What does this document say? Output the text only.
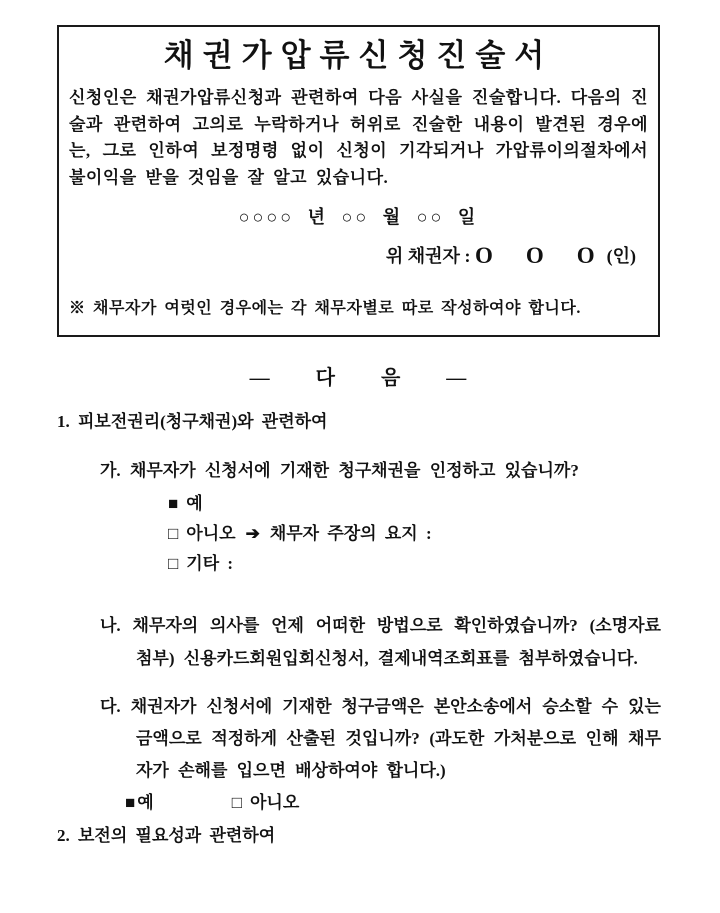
채권가압류신청진술서

신청인은 채권가압류신청과 관련하여 다음 사실을 진술합니다. 다음의 진술과 관련하여 고의로 누락하거나 허위로 진술한 내용이 발견된 경우에는, 그로 인하여 보정명령 없이 신청이 기각되거나 가압류이의절차에서 불이익을 받을 것임을 잘 알고 있습니다.

○○○○ 년 ○○ 월 ○○ 일
위 채권자 : O    O    O (인)
※ 채무자가 여럿인 경우에는 각 채무자별로 따로 작성하여야 합니다.
—　　다　　음　　—
1. 피보전권리(청구채권)와 관련하여
가. 채무자가 신청서에 기재한 청구채권을 인정하고 있습니까?
■ 예
□ 아니오 ➔ 채무자 주장의 요지 :
□ 기타 :
나. 채무자의 의사를 언제 어떠한 방법으로 확인하였습니까? (소명자료 첨부) 신용카드회원입회신청서, 결제내역조회표를 첨부하였습니다.
다. 채권자가 신청서에 기재한 청구금액은 본안소송에서 승소할 수 있는 금액으로 적정하게 산출된 것입니까? (과도한 가처분으로 인해 채무자가 손해를 입으면 배상하여야 합니다.)
■ 예	□ 아니오
2. 보전의 필요성과 관련하여
